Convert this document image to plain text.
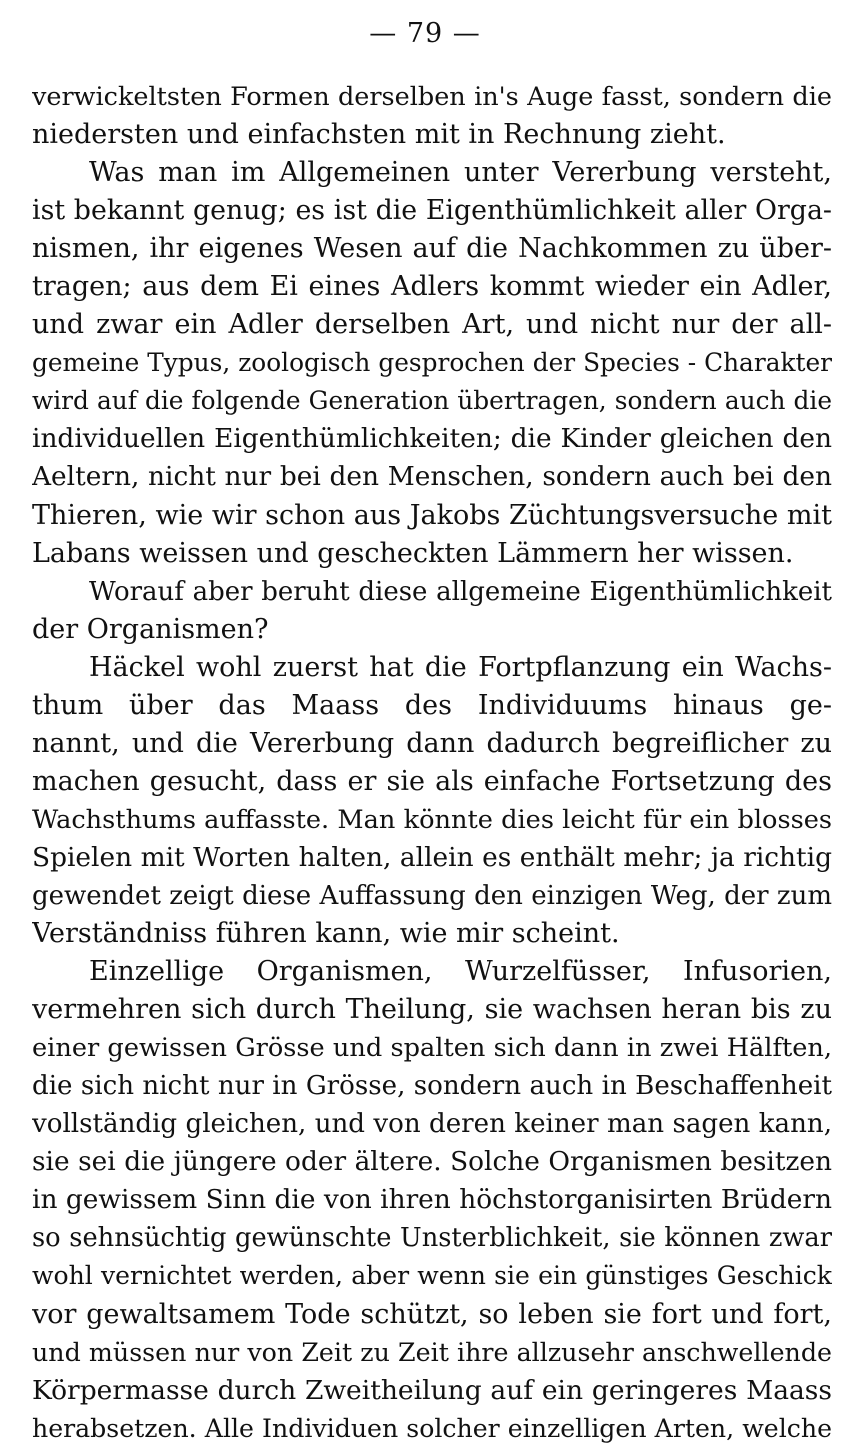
— 79 —
verwickeltsten Formen derselben in's Auge fasst, sondern die
niedersten und einfachsten mit in Rechnung zieht.
Was man im Allgemeinen unter Vererbung versteht,
ist bekannt genug; es ist die Eigenthümlichkeit aller Orga-
nismen, ihr eigenes Wesen auf die Nachkommen zu über-
tragen; aus dem Ei eines Adlers kommt wieder ein Adler,
und zwar ein Adler derselben Art, und nicht nur der all-
gemeine Typus, zoologisch gesprochen der Species - Charakter
wird auf die folgende Generation übertragen, sondern auch die
individuellen Eigenthümlichkeiten; die Kinder gleichen den
Aeltern, nicht nur bei den Menschen, sondern auch bei den
Thieren, wie wir schon aus Jakobs Züchtungsversuche mit
Labans weissen und gescheckten Lämmern her wissen.
Worauf aber beruht diese allgemeine Eigenthümlichkeit
der Organismen?
Häckel wohl zuerst hat die Fortpflanzung ein Wachs-
thum über das Maass des Individuums hinaus ge-
nannt, und die Vererbung dann dadurch begreiflicher zu
machen gesucht, dass er sie als einfache Fortsetzung des
Wachsthums auffasste. Man könnte dies leicht für ein blosses
Spielen mit Worten halten, allein es enthält mehr; ja richtig
gewendet zeigt diese Auffassung den einzigen Weg, der zum
Verständniss führen kann, wie mir scheint.
Einzellige Organismen, Wurzelfüsser, Infusorien,
vermehren sich durch Theilung, sie wachsen heran bis zu
einer gewissen Grösse und spalten sich dann in zwei Hälften,
die sich nicht nur in Grösse, sondern auch in Beschaffenheit
vollständig gleichen, und von deren keiner man sagen kann,
sie sei die jüngere oder ältere. Solche Organismen besitzen
in gewissem Sinn die von ihren höchstorganisirten Brüdern
so sehnsüchtig gewünschte Unsterblichkeit, sie können zwar
wohl vernichtet werden, aber wenn sie ein günstiges Geschick
vor gewaltsamem Tode schützt, so leben sie fort und fort,
und müssen nur von Zeit zu Zeit ihre allzusehr anschwellende
Körpermasse durch Zweitheilung auf ein geringeres Maass
herabsetzen. Alle Individuen solcher einzelligen Arten, welche
